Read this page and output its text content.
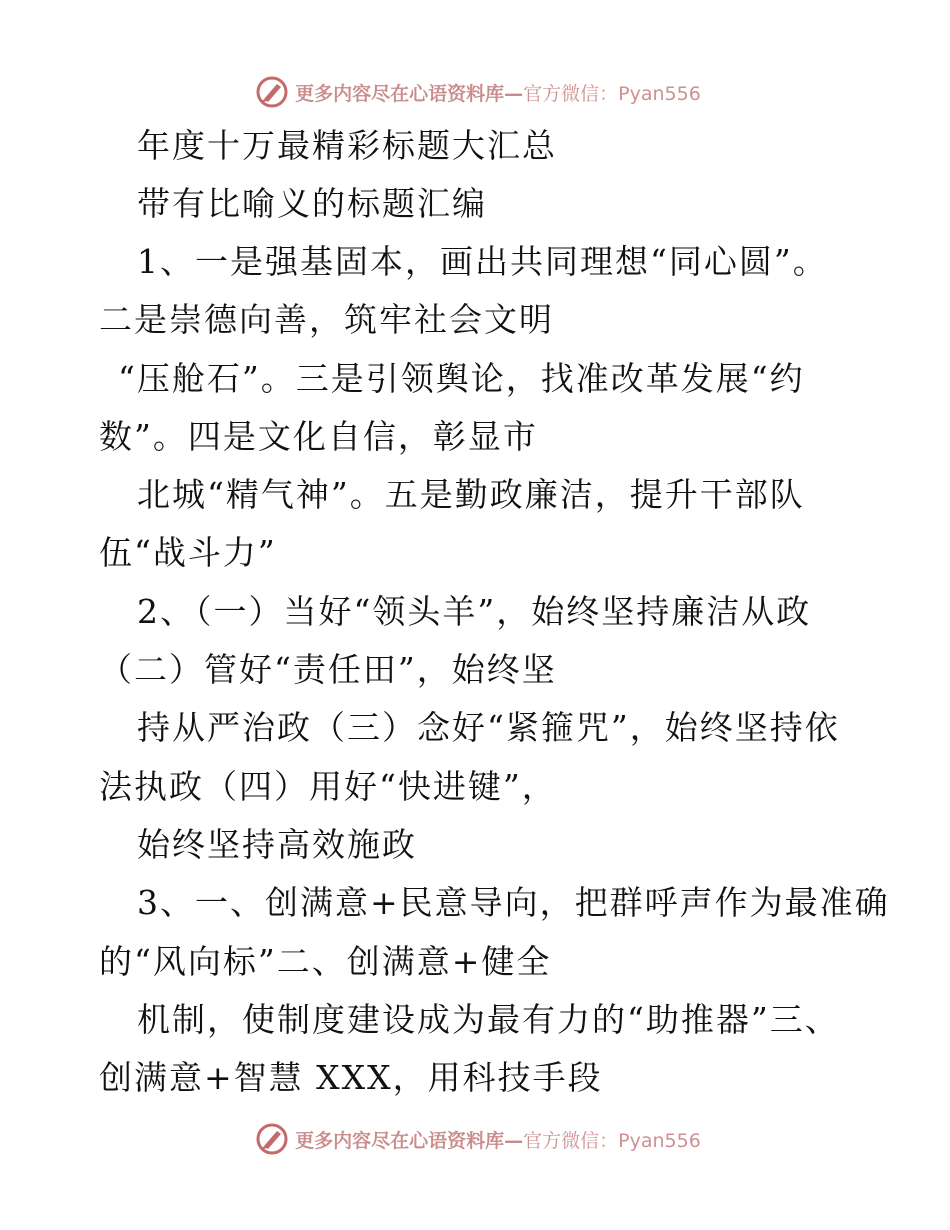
更多内容尽在心语资料库—官方微信：Pyan556
年度十万最精彩标题大汇总
带有比喻义的标题汇编
1、一是强基固本，画出共同理想“同心圆”。
二是崇德向善，筑牢社会文明
“压舱石”。三是引领舆论，找准改革发展“约
数”。四是文化自信，彰显市
北城“精气神”。五是勤政廉洁，提升干部队
伍“战斗力”
2、（一）当好“领头羊”，始终坚持廉洁从政
（二）管好“责任田”，始终坚
持从严治政（三）念好“紧箍咒”，始终坚持依
法执政（四）用好“快进键”，
始终坚持高效施政
3、一、创满意+民意导向，把群呼声作为最准确
的“风向标”二、创满意+健全
机制，使制度建设成为最有力的“助推器”三、
创满意+智慧 XXX，用科技手段
更多内容尽在心语资料库—官方微信：Pyan556
